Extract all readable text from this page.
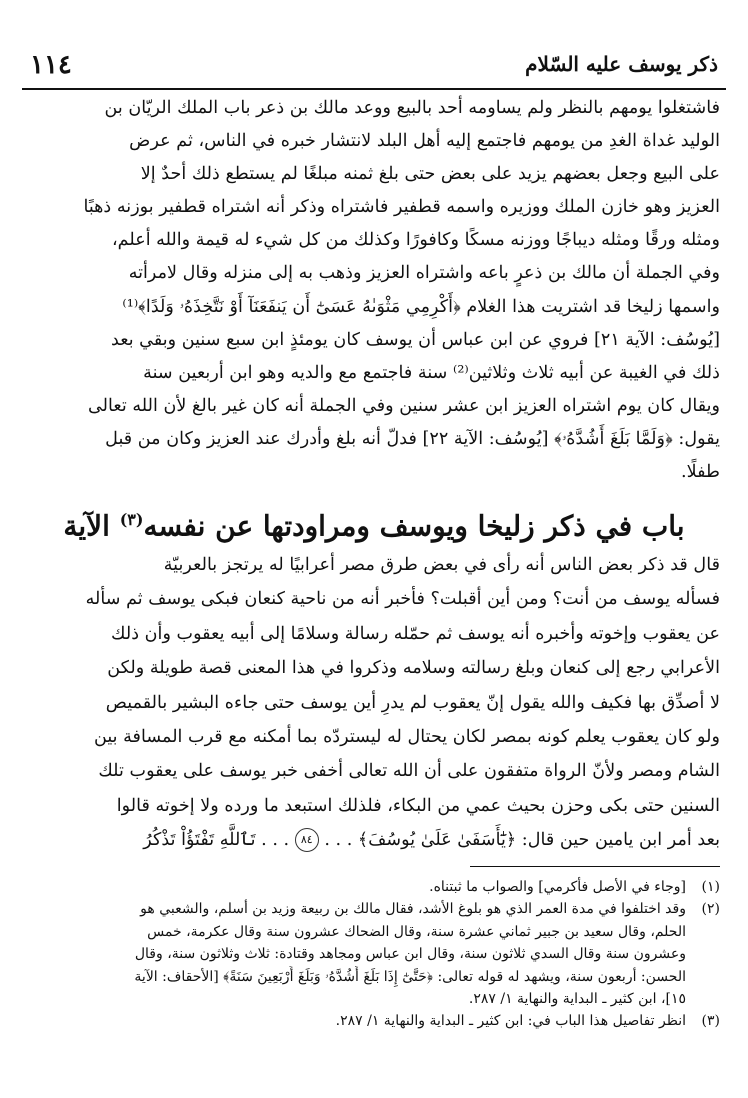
ذكر يوسف عليه السّلام
١١٤
فاشتغلوا يومهم بالنظر ولم يساومه أحد بالبيع ووعد مالك بن ذعر باب الملك الريّان بن
الوليد غداة الغدِ من يومهم فاجتمع إليه أهل البلد لانتشار خبره في الناس، ثم عرض
على البيع وجعل بعضهم يزيد على بعض حتى بلغ ثمنه مبلغًا لم يستطع ذلك أحدٌ إلا
العزيز وهو خازن الملك ووزيره واسمه قطفير فاشتراه وذكر أنه اشتراه قطفير بوزنه ذهبًا
ومثله ورقًا ومثله ديباجًا ووزنه مسكًا وكافورًا وكذلك من كل شيء له قيمة والله أعلم،
وفي الجملة أن مالك بن ذعرٍ باعه واشتراه العزيز وذهب به إلى منزله وقال لامرأته
واسمها زليخا قد اشتريت هذا الغلام ﴿أَكْرِمِي مَثْوَىٰهُ عَسَىٰٓ أَن يَنفَعَنَآ أَوْ نَتَّخِذَهُۥ وَلَدًا﴾⁽¹⁾
[يُوسُف: الآية ٢١] فروي عن ابن عباس أن يوسف كان يومئذٍ ابن سبع سنين وبقي بعد
ذلك في الغيبة عن أبيه ثلاث وثلاثين⁽²⁾ سنة فاجتمع مع والديه وهو ابن أربعين سنة
ويقال كان يوم اشتراه العزيز ابن عشر سنين وفي الجملة أنه كان غير بالغ لأن الله تعالى
يقول: ﴿وَلَمَّا بَلَغَ أَشُدَّهُۥ﴾ [يُوسُف: الآية ٢٢] فدلّ أنه بلغ وأدرك عند العزيز وكان من قبل
طفلًا.
باب في ذكر زليخا ويوسف ومراودتها عن نفسه$^{(٣)}$ الآية
قال قد ذكر بعض الناس أنه رأى في بعض طرق مصر أعرابيًا له يرتجز بالعربيّة
فسأله يوسف من أنت؟ ومن أين أقبلت؟ فأخبر أنه من ناحية كنعان فبكى يوسف ثم سأله
عن يعقوب وإخوته وأخبره أنه يوسف ثم حمّله رسالة وسلامًا إلى أبيه يعقوب وأن ذلك
الأعرابي رجع إلى كنعان وبلغ رسالته وسلامه وذكروا في هذا المعنى قصة طويلة ولكن
لا أصدِّق بها فكيف والله يقول إنّ يعقوب لم يدرِ أين يوسف حتى جاءه البشير بالقميص
ولو كان يعقوب يعلم كونه بمصر لكان يحتال له ليستردّه بما أمكنه مع قرب المسافة بين
الشام ومصر ولأنّ الرواة متفقون على أن الله تعالى أخفى خبر يوسف على يعقوب تلك
السنين حتى بكى وحزن بحيث عمي من البكاء، فلذلك استبعد ما ورده ولا إخوته قالوا
بعد أمر ابن يامين حين قال: ﴿يَٰٓأَسَفَىٰ عَلَىٰ يُوسُفَ﴾ . . . ٨٤ . . . تَٱللَّهِ تَفْتَؤُاْ تَذْكُرُ
(١)[وجاء في الأصل فأكرمي] والصواب ما ثبتناه.
(٢)وقد اختلفوا في مدة العمر الذي هو بلوغ الأشد، فقال مالك بن ربيعة وزيد بن أسلم، والشعبي هو
الحلم، وقال سعيد بن جبير ثماني عشرة سنة، وقال الضحاك عشرون سنة وقال عكرمة، خمس
وعشرون سنة وقال السدي ثلاثون سنة، وقال ابن عباس ومجاهد وقتادة: ثلاث وثلاثون سنة، وقال
الحسن: أربعون سنة، ويشهد له قوله تعالى: ﴿حَتَّىٰٓ إِذَا بَلَغَ أَشُدَّهُۥ وَبَلَغَ أَرْبَعِينَ سَنَةً﴾ [الأحقاف: الآية
١٥]، ابن كثير ـ البداية والنهاية ١/ ٢٨٧.
(٣)انظر تفاصيل هذا الباب في: ابن كثير ـ البداية والنهاية ١/ ٢٨٧.
